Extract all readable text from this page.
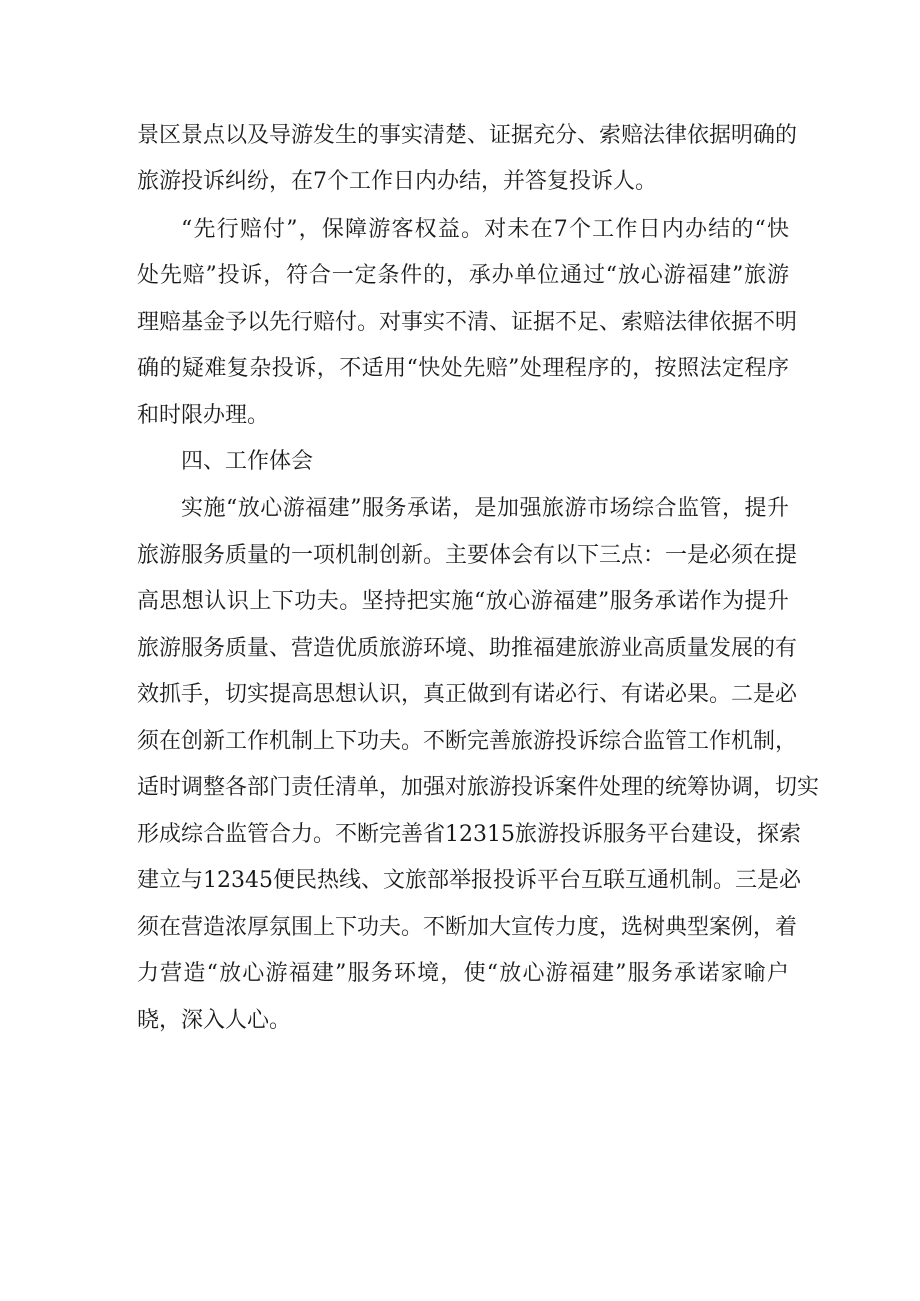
景区景点以及导游发生的事实清楚、证据充分、索赔法律依据明确的
旅游投诉纠纷，在7个工作日内办结，并答复投诉人。
“先行赔付”，保障游客权益。对未在7个工作日内办结的“快
处先赔”投诉，符合一定条件的，承办单位通过“放心游福建”旅游
理赔基金予以先行赔付。对事实不清、证据不足、索赔法律依据不明
确的疑难复杂投诉，不适用“快处先赔”处理程序的，按照法定程序
和时限办理。
四、工作体会
实施“放心游福建”服务承诺，是加强旅游市场综合监管，提升
旅游服务质量的一项机制创新。主要体会有以下三点：一是必须在提
高思想认识上下功夫。坚持把实施“放心游福建”服务承诺作为提升
旅游服务质量、营造优质旅游环境、助推福建旅游业高质量发展的有
效抓手，切实提高思想认识，真正做到有诺必行、有诺必果。二是必
须在创新工作机制上下功夫。不断完善旅游投诉综合监管工作机制，
适时调整各部门责任清单，加强对旅游投诉案件处理的统筹协调，切实
形成综合监管合力。不断完善省12315旅游投诉服务平台建设，探索
建立与12345便民热线、文旅部举报投诉平台互联互通机制。三是必
须在营造浓厚氛围上下功夫。不断加大宣传力度，选树典型案例，着
力营造“放心游福建”服务环境，使“放心游福建”服务承诺家喻户
晓，深入人心。
